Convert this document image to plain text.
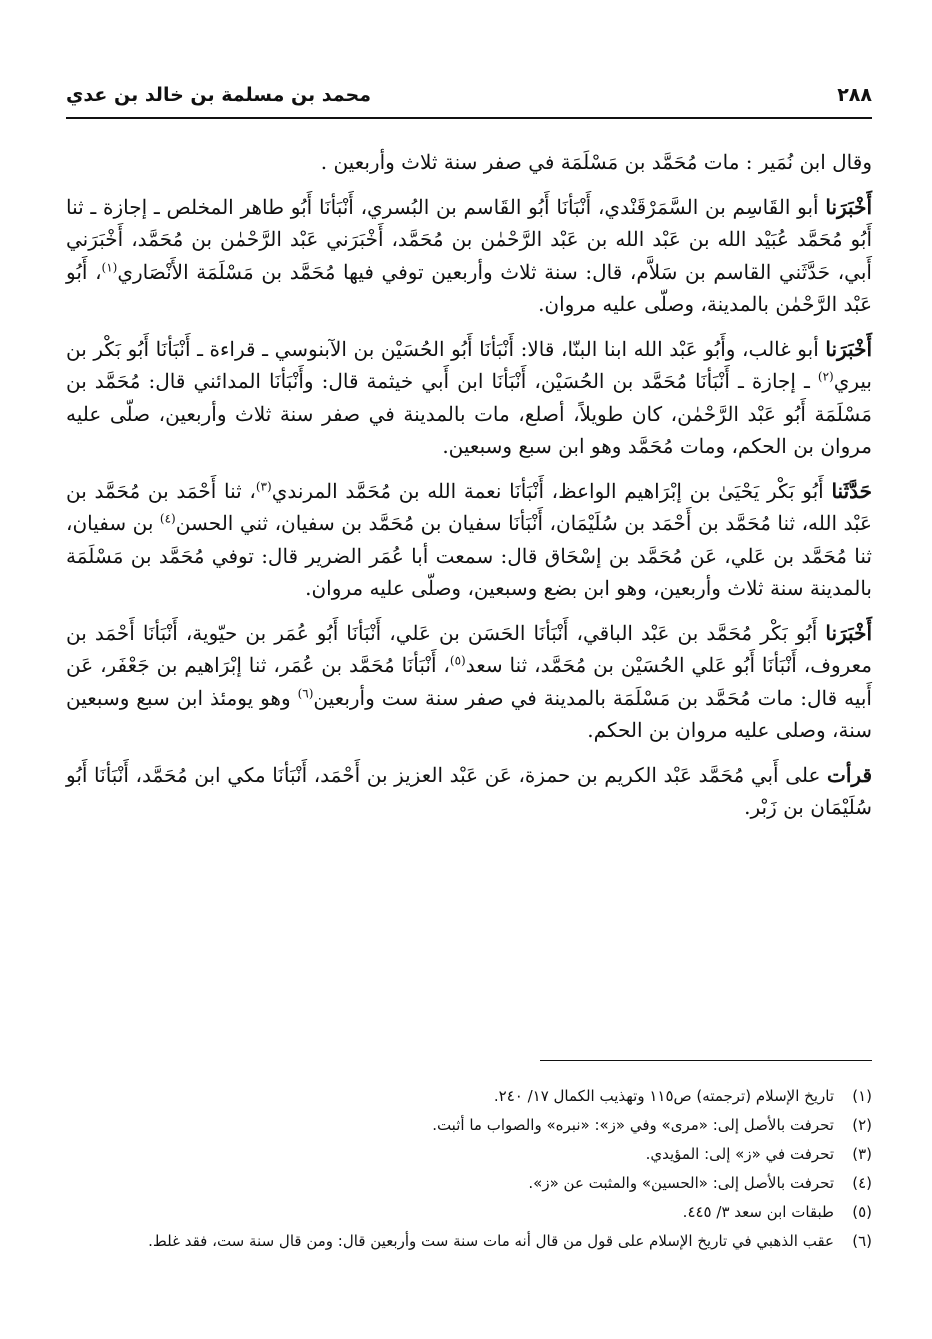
٢٨٨
محمد بن مسلمة بن خالد بن عدي

وقال ابن نُمَير : مات مُحَمَّد بن مَسْلَمَة في صفر سنة ثلاث وأربعين .

أَخْبَرَنا أبو القَاسِم بن السَّمَرْقَنْدي، أَنْبَأنَا أَبُو القَاسم بن البُسري، أَنْبَأنَا أَبُو طاهر المخلص ـ إجازة ـ ثنا أَبُو مُحَمَّد عُبَيْد الله بن عَبْد الله بن عَبْد الرَّحْمٰن بن مُحَمَّد، أَخْبَرَني عَبْد الرَّحْمٰن بن مُحَمَّد، أَخْبَرَني أَبي، حَدَّثَني القاسم بن سَلاَّم، قال: سنة ثلاث وأربعين توفي فيها مُحَمَّد بن مَسْلَمَة الأَنْصَاري$^{(١)}$، أَبُو عَبْد الرَّحْمٰن بالمدينة، وصلّى عليه مروان.

أَخْبَرَنا أبو غالب، وأَبُو عَبْد الله ابنا البنّا، قالا: أَنْبَأنَا أَبُو الحُسَيْن بن الآبنوسي ـ قراءة ـ أَنْبَأنَا أَبُو بَكْر بن بيري$^{(٢)}$ ـ إجازة ـ أَنْبَأنَا مُحَمَّد بن الحُسَيْن، أَنْبَأنَا ابن أَبي خيثمة قال: وأَنْبَأنَا المدائني قال: مُحَمَّد بن مَسْلَمَة أَبُو عَبْد الرَّحْمٰن، كان طويلاً، أصلع، مات بالمدينة في صفر سنة ثلاث وأربعين، صلّى عليه مروان بن الحكم، ومات مُحَمَّد وهو ابن سبع وسبعين.

حَدَّثَنا أَبُو بَكْر يَحْيَىٰ بن إبْرَاهيم الواعظ، أَنْبَأنَا نعمة الله بن مُحَمَّد المرندي$^{(٣)}$، ثنا أَحْمَد بن مُحَمَّد بن عَبْد الله، ثنا مُحَمَّد بن أَحْمَد بن سُلَيْمَان، أَنْبَأنَا سفيان بن مُحَمَّد بن سفيان، ثني الحسن$^{(٤)}$ بن سفيان، ثنا مُحَمَّد بن عَلي، عَن مُحَمَّد بن إسْحَاق قال: سمعت أبا عُمَر الضرير قال: توفي مُحَمَّد بن مَسْلَمَة بالمدينة سنة ثلاث وأربعين، وهو ابن بضع وسبعين، وصلّى عليه مروان.

أَخْبَرَنا أَبُو بَكْر مُحَمَّد بن عَبْد الباقي، أَنْبَأنَا الحَسَن بن عَلي، أَنْبَأنَا أَبُو عُمَر بن حيّوية، أَنْبَأنَا أَحْمَد بن معروف، أَنْبَأنَا أَبُو عَلي الحُسَيْن بن مُحَمَّد، ثنا سعد$^{(٥)}$، أَنْبَأنَا مُحَمَّد بن عُمَر، ثنا إبْرَاهيم بن جَعْفَر، عَن أَبيه قال: مات مُحَمَّد بن مَسْلَمَة بالمدينة في صفر سنة ست وأربعين$^{(٦)}$ وهو يومئذ ابن سبع وسبعين سنة، وصلى عليه مروان بن الحكم.

قرأت على أَبي مُحَمَّد عَبْد الكريم بن حمزة، عَن عَبْد العزيز بن أَحْمَد، أَنْبَأنَا مكي ابن مُحَمَّد، أَنْبَأنَا أَبُو سُلَيْمَان بن زَبْر.

(١)
تاريخ الإسلام (ترجمته) ص١١٥ وتهذيب الكمال ١٧/ ٢٤٠.
(٢)
تحرفت بالأصل إلى: «مرى» وفي «ز»: «نبره» والصواب ما أثبت.
(٣)
تحرفت في «ز» إلى: المؤيدي.
(٤)
تحرفت بالأصل إلى: «الحسين» والمثبت عن «ز».
(٥)
طبقات ابن سعد ٣/ ٤٤٥.
(٦)
عقب الذهبي في تاريخ الإسلام على قول من قال أنه مات سنة ست وأربعين قال: ومن قال سنة ست، فقد غلط.
